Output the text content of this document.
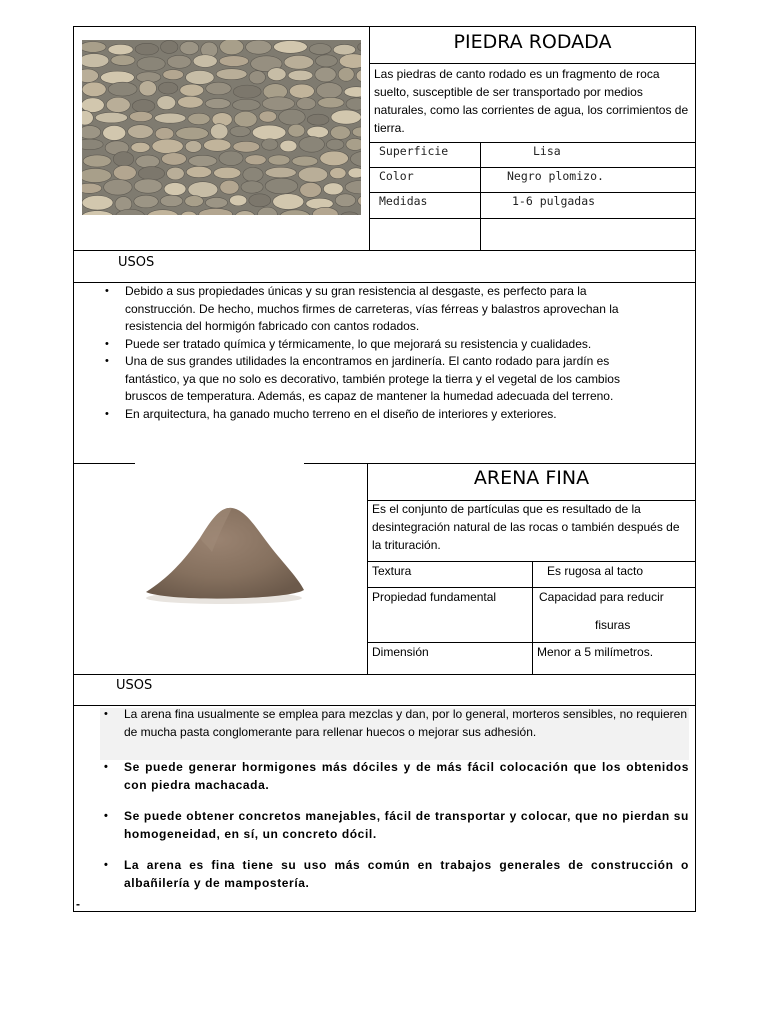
PIEDRA RODADA
Las piedras de canto rodado es un fragmento de roca suelto, susceptible de ser transportado por medios naturales, como las corrientes de agua, los corrimientos de tierra.
Superficie	Lisa
Color	Negro plomizo.
Medidas	1-6 pulgadas
USOS
• Debido a sus propiedades únicas y su gran resistencia al desgaste, es perfecto para la construcción. De hecho, muchos firmes de carreteras, vías férreas y balastros aprovechan la resistencia del hormigón fabricado con cantos rodados.
• Puede ser tratado química y térmicamente, lo que mejorará su resistencia y cualidades.
• Una de sus grandes utilidades la encontramos en jardinería. El canto rodado para jardín es fantástico, ya que no solo es decorativo, también protege la tierra y el vegetal de los cambios bruscos de temperatura. Además, es capaz de mantener la humedad adecuada del terreno.
• En arquitectura, ha ganado mucho terreno en el diseño de interiores y exteriores.
ARENA FINA
Es el conjunto de partículas que es resultado de la desintegración natural de las rocas o también después de la trituración.
Textura	Es rugosa al tacto
Propiedad fundamental	Capacidad para reducir
fisuras
Dimensión	Menor a 5 milímetros.
USOS
• La arena fina usualmente se emplea para mezclas y dan, por lo general, morteros sensibles, no requieren de mucha pasta conglomerante para rellenar huecos o mejorar sus adhesión.
• Se puede generar hormigones más dóciles y de más fácil colocación que los obtenidos con piedra machacada.
• Se puede obtener concretos manejables, fácil de transportar y colocar, que no pierdan su homogeneidad, en sí, un concreto dócil.
• La arena es fina tiene su uso más común en trabajos generales de construcción o albañilería y de mampostería.
-
